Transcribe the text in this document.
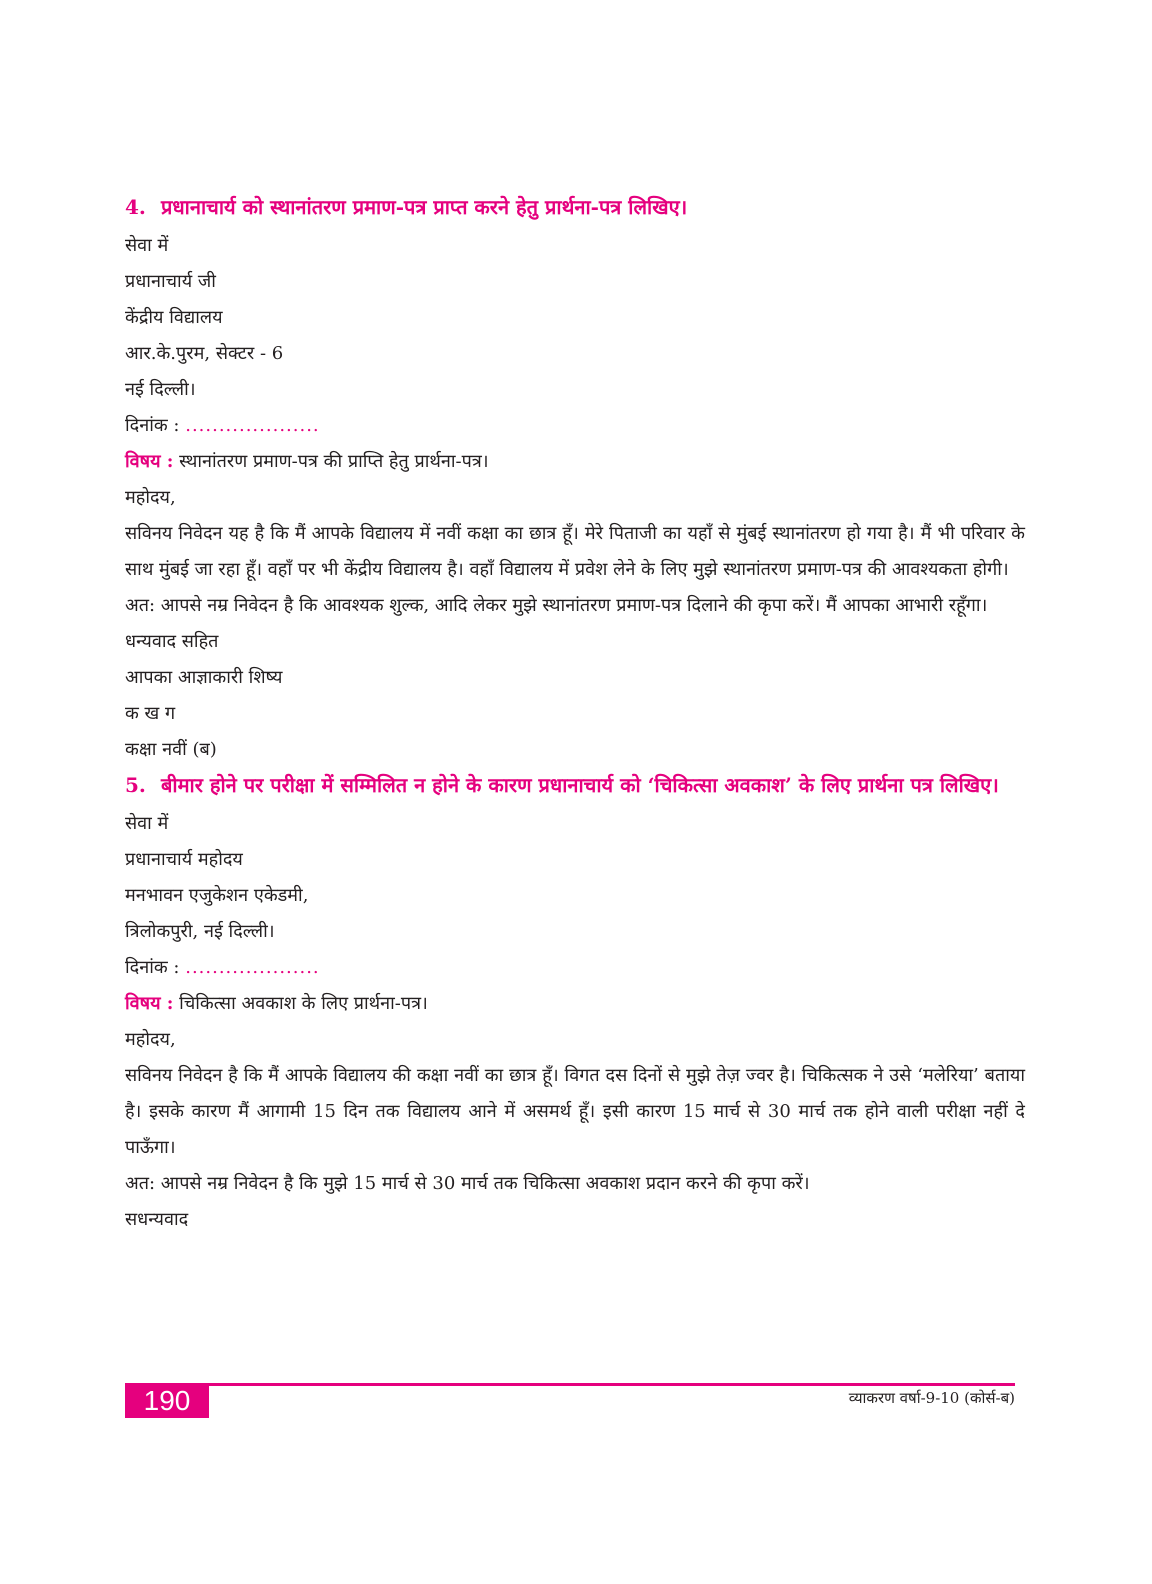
4. प्रधानाचार्य को स्थानांतरण प्रमाण-पत्र प्राप्त करने हेतु प्रार्थना-पत्र लिखिए।

सेवा में

प्रधानाचार्य जी

केंद्रीय विद्यालय

आर.के.पुरम, सेक्टर - 6

नई दिल्ली।

दिनांक : ....................

विषय : स्थानांतरण प्रमाण-पत्र की प्राप्ति हेतु प्रार्थना-पत्र।

महोदय,

सविनय निवेदन यह है कि मैं आपके विद्यालय में नवीं कक्षा का छात्र हूँ। मेरे पिताजी का यहाँ से मुंबई स्थानांतरण हो गया है। मैं भी परिवार के साथ मुंबई जा रहा हूँ। वहाँ पर भी केंद्रीय विद्यालय है। वहाँ विद्यालय में प्रवेश लेने के लिए मुझे स्थानांतरण प्रमाण-पत्र की आवश्यकता होगी।

अत: आपसे नम्र निवेदन है कि आवश्यक शुल्क, आदि लेकर मुझे स्थानांतरण प्रमाण-पत्र दिलाने की कृपा करें। मैं आपका आभारी रहूँगा।

धन्यवाद सहित

आपका आज्ञाकारी शिष्य

क ख ग

कक्षा नवीं (ब)

5. बीमार होने पर परीक्षा में सम्मिलित न होने के कारण प्रधानाचार्य को ‘चिकित्सा अवकाश’ के लिए प्रार्थना पत्र लिखिए।

सेवा में

प्रधानाचार्य महोदय

मनभावन एजुकेशन एकेडमी,

त्रिलोकपुरी, नई दिल्ली।

दिनांक : ....................

विषय : चिकित्सा अवकाश के लिए प्रार्थना-पत्र।

महोदय,

सविनय निवेदन है कि मैं आपके विद्यालय की कक्षा नवीं का छात्र हूँ। विगत दस दिनों से मुझे तेज़ ज्वर है। चिकित्सक ने उसे ‘मलेरिया’ बताया है। इसके कारण मैं आगामी 15 दिन तक विद्यालय आने में असमर्थ हूँ। इसी कारण 15 मार्च से 30 मार्च तक होने वाली परीक्षा नहीं दे पाऊँगा।

अत: आपसे नम्र निवेदन है कि मुझे 15 मार्च से 30 मार्च तक चिकित्सा अवकाश प्रदान करने की कृपा करें।

सधन्यवाद

190	व्याकरण वर्षा-9-10 (कोर्स-ब)
